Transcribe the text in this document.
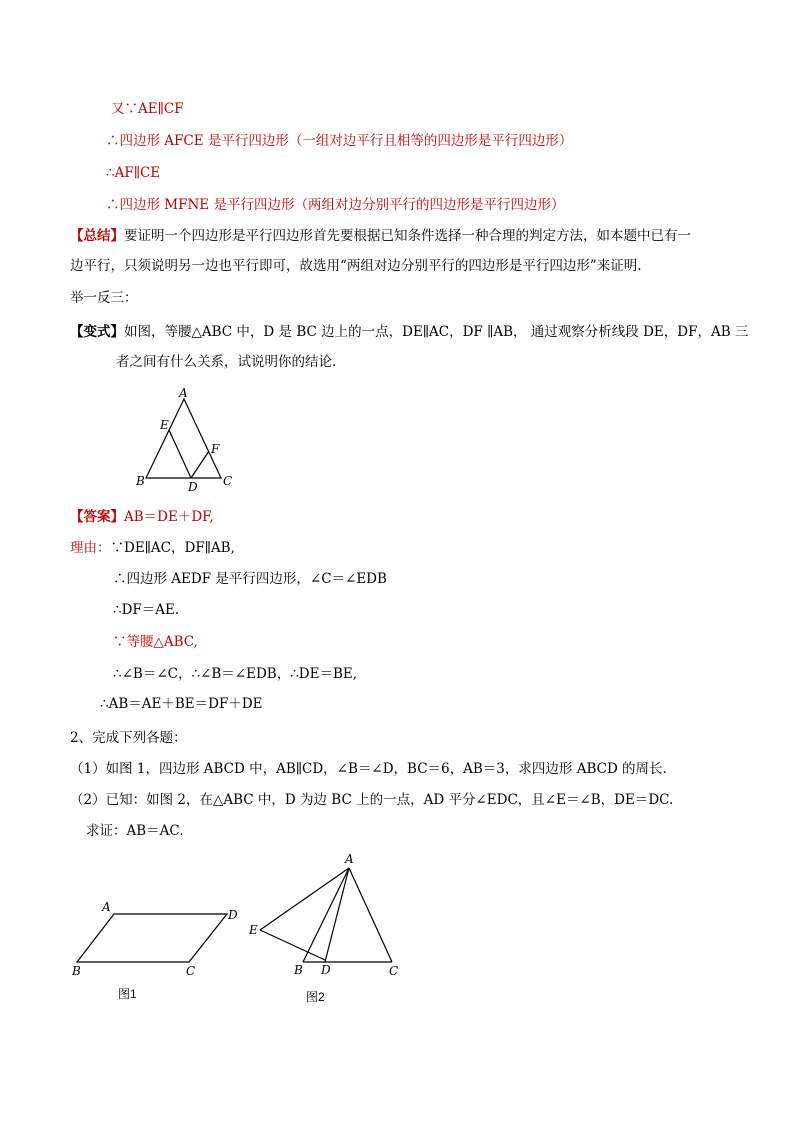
又∵AE∥CF
∴四边形 AFCE 是平行四边形（一组对边平行且相等的四边形是平行四边形）
∴AF∥CE
∴四边形 MFNE 是平行四边形（两组对边分别平行的四边形是平行四边形）
【总结】要证明一个四边形是平行四边形首先要根据已知条件选择一种合理的判定方法，如本题中已有一
边平行，只须说明另一边也平行即可，故选用“两组对边分别平行的四边形是平行四边形”来证明.
举一反三：
【变式】如图，等腰△ABC 中，D 是 BC 边上的一点，DE∥AC，DF ∥AB， 通过观察分析线段 DE，DF，AB 三
者之间有什么关系，试说明你的结论.
A
E
F
B	D C
【答案】AB＝DE＋DF,
理由：∵DE∥AC，DF∥AB,
∴四边形 AEDF 是平行四边形，∠C＝∠EDB
∴DF＝AE.
∵等腰△ABC,
∴∠B＝∠C，∴∠B＝∠EDB，∴DE＝BE,
∴AB＝AE＋BE＝DF＋DE
2、完成下列各题：
（1）如图 1，四边形 ABCD 中，AB∥CD，∠B＝∠D，BC＝6，AB＝3，求四边形 ABCD 的周长.
（2）已知：如图 2，在△ABC 中，D 为边 BC 上的一点，AD 平分∠EDC，且∠E＝∠B，DE＝DC.
求证：AB＝AC.
A
D
B	C
图1
A
E
B D	C
图2
